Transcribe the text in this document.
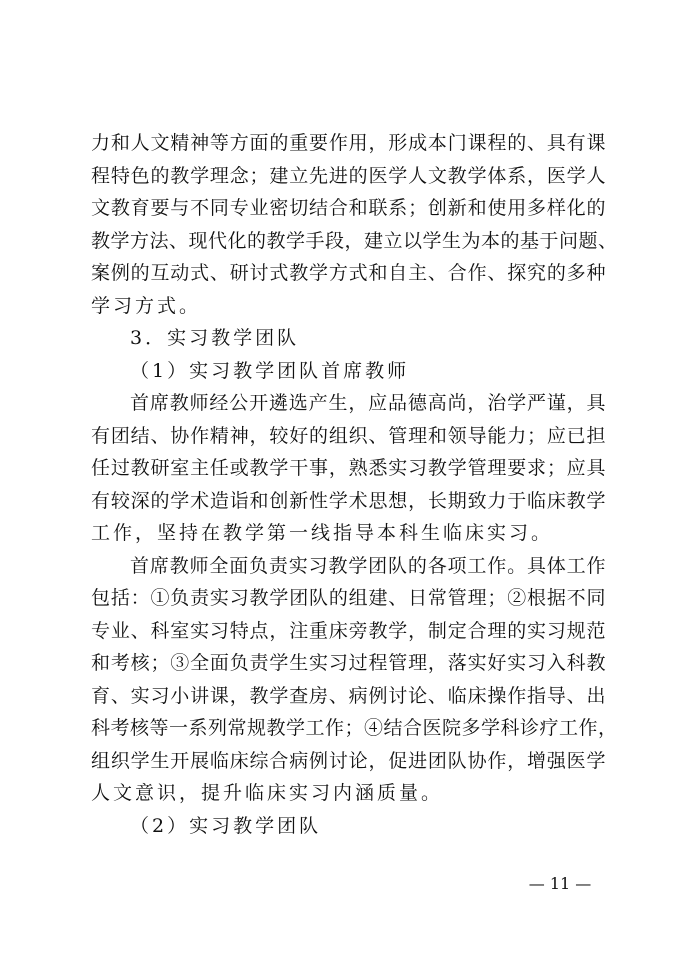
力和人文精神等方面的重要作用，形成本门课程的、具有课
程特色的教学理念；建立先进的医学人文教学体系，医学人
文教育要与不同专业密切结合和联系；创新和使用多样化的
教学方法、现代化的教学手段，建立以学生为本的基于问题、
案例的互动式、研讨式教学方式和自主、合作、探究的多种
学习方式。
3．实习教学团队
（1）实习教学团队首席教师
首席教师经公开遴选产生，应品德高尚，治学严谨，具
有团结、协作精神，较好的组织、管理和领导能力；应已担
任过教研室主任或教学干事，熟悉实习教学管理要求；应具
有较深的学术造诣和创新性学术思想，长期致力于临床教学
工作，坚持在教学第一线指导本科生临床实习。
首席教师全面负责实习教学团队的各项工作。具体工作
包括：①负责实习教学团队的组建、日常管理；②根据不同
专业、科室实习特点，注重床旁教学，制定合理的实习规范
和考核；③全面负责学生实习过程管理，落实好实习入科教
育、实习小讲课，教学查房、病例讨论、临床操作指导、出
科考核等一系列常规教学工作；④结合医院多学科诊疗工作，
组织学生开展临床综合病例讨论，促进团队协作，增强医学
人文意识，提升临床实习内涵质量。
（2）实习教学团队
— 11 —
